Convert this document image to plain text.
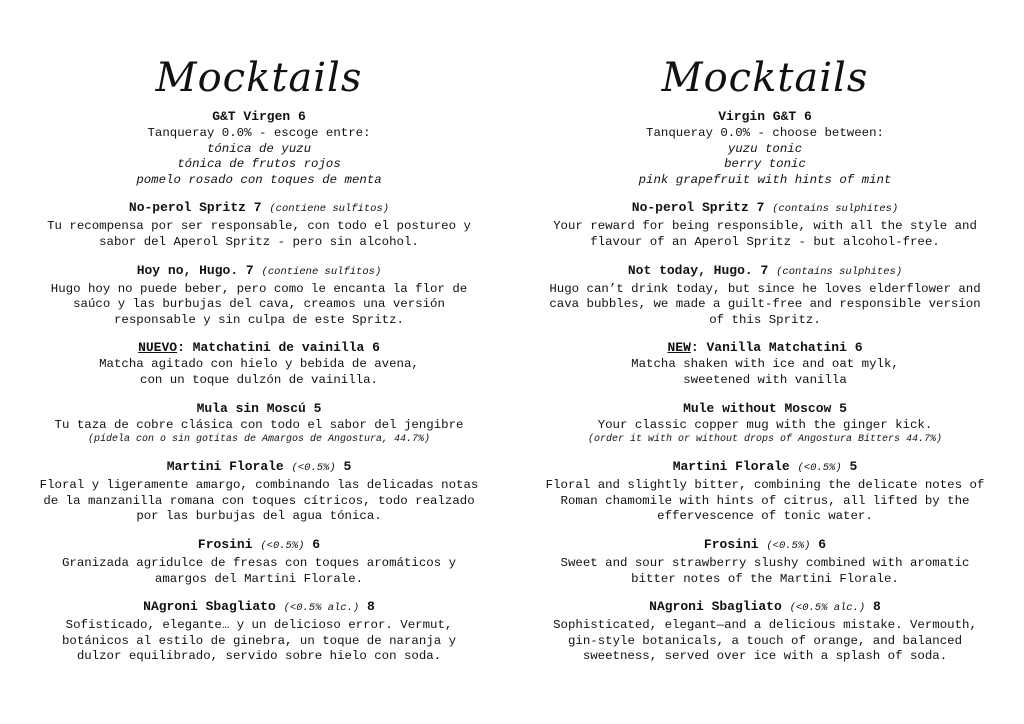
Mocktails
G&T Virgen 6
Tanqueray 0.0% - escoge entre:
tónica de yuzu
tónica de frutos rojos
pomelo rosado con toques de menta
No-perol Spritz 7 (contiene sulfitos)
Tu recompensa por ser responsable, con todo el postureo y
sabor del Aperol Spritz - pero sin alcohol.
Hoy no, Hugo. 7 (contiene sulfitos)
Hugo hoy no puede beber, pero como le encanta la flor de
saúco y las burbujas del cava, creamos una versión
responsable y sin culpa de este Spritz.
NUEVO: Matchatini de vainilla 6
Matcha agitado con hielo y bebida de avena,
con un toque dulzón de vainilla.
Mula sin Moscú 5
Tu taza de cobre clásica con todo el sabor del jengibre
(pídela con o sin gotitas de Amargos de Angostura, 44.7%)
Martini Florale (<0.5%) 5
Floral y ligeramente amargo, combinando las delicadas notas
de la manzanilla romana con toques cítricos, todo realzado
por las burbujas del agua tónica.
Frosini (<0.5%) 6
Granizada agridulce de fresas con toques aromáticos y
amargos del Martini Florale.
NAgroni Sbagliato (<0.5% alc.) 8
Sofisticado, elegante… y un delicioso error. Vermut,
botánicos al estilo de ginebra, un toque de naranja y
dulzor equilibrado, servido sobre hielo con soda.
Mocktails
Virgin G&T 6
Tanqueray 0.0% - choose between:
yuzu tonic
berry tonic
pink grapefruit with hints of mint
No-perol Spritz 7 (contains sulphites)
Your reward for being responsible, with all the style and
flavour of an Aperol Spritz - but alcohol-free.
Not today, Hugo. 7 (contains sulphites)
Hugo can’t drink today, but since he loves elderflower and
cava bubbles, we made a guilt-free and responsible version
of this Spritz.
NEW: Vanilla Matchatini 6
Matcha shaken with ice and oat mylk,
sweetened with vanilla
Mule without Moscow 5
Your classic copper mug with the ginger kick.
(order it with or without drops of Angostura Bitters 44.7%)
Martini Florale (<0.5%) 5
Floral and slightly bitter, combining the delicate notes of
Roman chamomile with hints of citrus, all lifted by the
effervescence of tonic water.
Frosini (<0.5%) 6
Sweet and sour strawberry slushy combined with aromatic
bitter notes of the Martini Florale.
NAgroni Sbagliato (<0.5% alc.) 8
Sophisticated, elegant—and a delicious mistake. Vermouth,
gin-style botanicals, a touch of orange, and balanced
sweetness, served over ice with a splash of soda.
